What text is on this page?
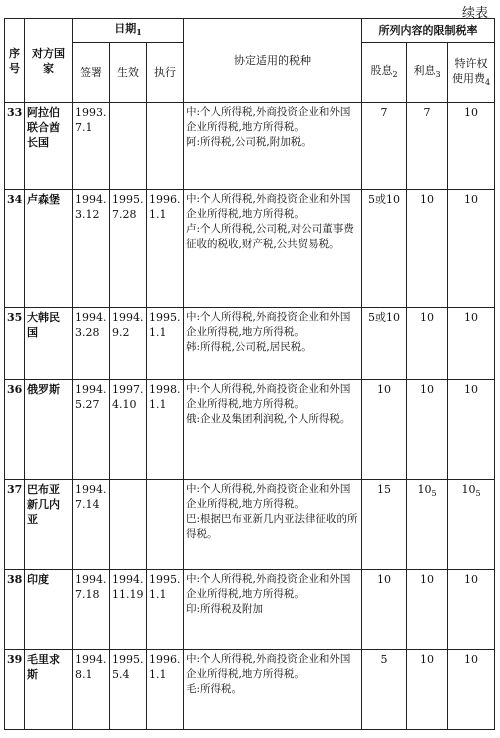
续表
序号	对方国家	日期$_1$			协定适用的税种	所列内容的限制税率		
		签署	生效	执行		股息$_2$	利息$_3$	特许权使用费$_4$
33	阿拉伯联合酋长国	1993. 7.1			中:个人所得税,外商投资企业和外国企业所得税,地方所得税。
阿:所得税,公司税,附加税。	7	7	10
34	卢森堡	1994. 3.12	1995. 7.28	1996. 1.1	中:个人所得税,外商投资企业和外国企业所得税,地方所得税。
卢:个人所得税,公司税,对公司董事费征收的税收,财产税,公共贸易税。	5或10	10	10
35	大韩民国	1994. 3.28	1994. 9.2	1995. 1.1	中:个人所得税,外商投资企业和外国企业所得税,地方所得税。
韩:所得税,公司税,居民税。	5或10	10	10
36	俄罗斯	1994. 5.27	1997. 4.10	1998. 1.1	中:个人所得税,外商投资企业和外国企业所得税,地方所得税。
俄:企业及集团利润税,个人所得税。	10	10	10
37	巴布亚新几内亚	1994. 7.14			中:个人所得税,外商投资企业和外国企业所得税,地方所得税。
巴:根据巴布亚新几内亚法律征收的所得税。	15	$10_5$	$10_5$
38	印度	1994. 7.18	1994. 11.19	1995. 1.1	中:个人所得税,外商投资企业和外国企业所得税,地方所得税。
印:所得税及附加	10	10	10
39	毛里求斯	1994. 8.1	1995. 5.4	1996. 1.1	中:个人所得税,外商投资企业和外国企业所得税,地方所得税。
毛:所得税。	5	10	10
